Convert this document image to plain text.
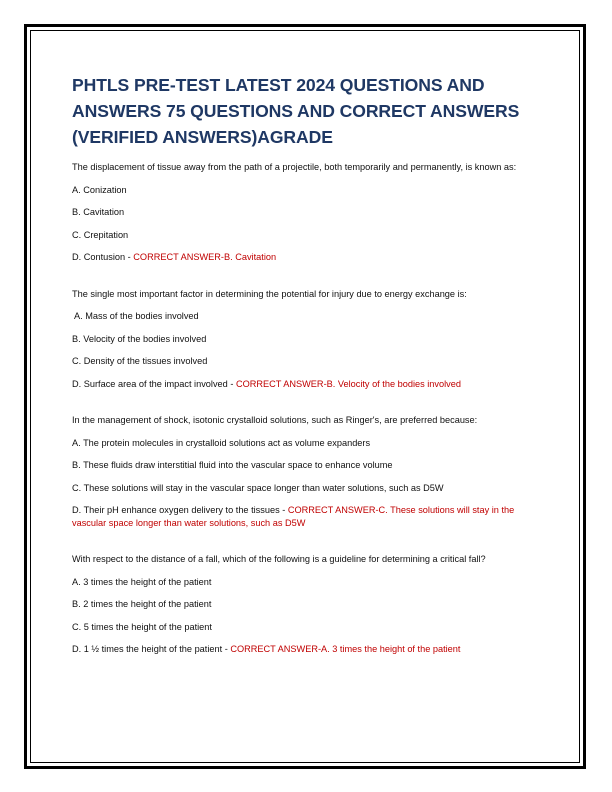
PHTLS PRE-TEST LATEST 2024 QUESTIONS AND ANSWERS 75 QUESTIONS AND CORRECT ANSWERS (VERIFIED ANSWERS)AGRADE

The displacement of tissue away from the path of a projectile, both temporarily and permanently, is known as:

A. Conization

B. Cavitation

C. Crepitation

D. Contusion - CORRECT ANSWER-B. Cavitation

The single most important factor in determining the potential for injury due to energy exchange is:

A. Mass of the bodies involved

B. Velocity of the bodies involved

C. Density of the tissues involved

D. Surface area of the impact involved - CORRECT ANSWER-B. Velocity of the bodies involved

In the management of shock, isotonic crystalloid solutions, such as Ringer's, are preferred because:

A. The protein molecules in crystalloid solutions act as volume expanders

B. These fluids draw interstitial fluid into the vascular space to enhance volume

C. These solutions will stay in the vascular space longer than water solutions, such as D5W

D. Their pH enhance oxygen delivery to the tissues - CORRECT ANSWER-C. These solutions will stay in the vascular space longer than water solutions, such as D5W

With respect to the distance of a fall, which of the following is a guideline for determining a critical fall?

A. 3 times the height of the patient

B. 2 times the height of the patient

C. 5 times the height of the patient

D. 1 ½ times the height of the patient - CORRECT ANSWER-A. 3 times the height of the patient
